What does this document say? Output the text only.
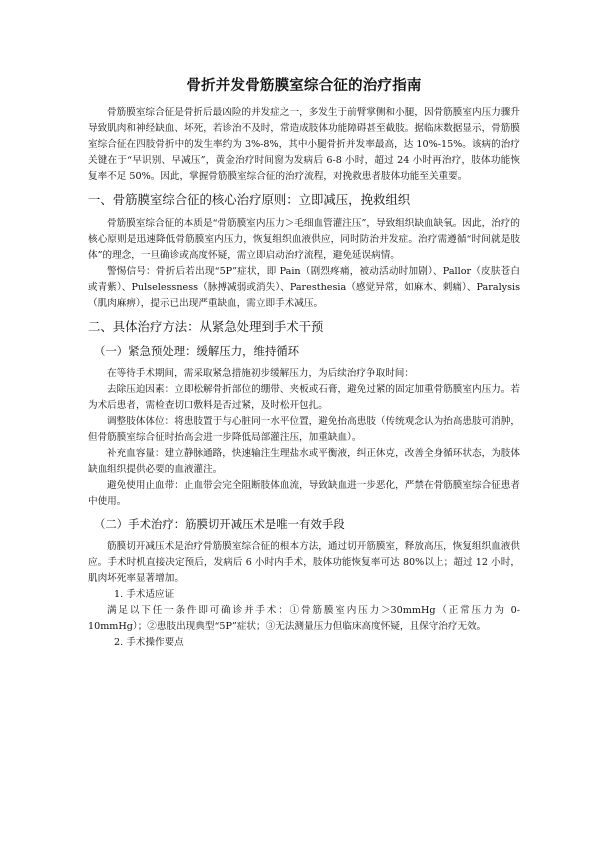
骨折并发骨筋膜室综合征的治疗指南

骨筋膜室综合征是骨折后最凶险的并发症之一，多发生于前臂掌侧和小腿，因骨筋膜室内压力骤升导致肌肉和神经缺血、坏死，若诊治不及时，常造成肢体功能障碍甚至截肢。据临床数据显示，骨筋膜室综合征在四肢骨折中的发生率约为 3%-8%，其中小腿骨折并发率最高，达 10%-15%。该病的治疗关键在于“早识别、早减压”，黄金治疗时间窗为发病后 6-8 小时，超过 24 小时再治疗，肢体功能恢复率不足 50%。因此，掌握骨筋膜室综合征的治疗流程，对挽救患者肢体功能至关重要。

一、骨筋膜室综合征的核心治疗原则：立即减压，挽救组织

骨筋膜室综合征的本质是“骨筋膜室内压力＞毛细血管灌注压”，导致组织缺血缺氧。因此，治疗的核心原则是迅速降低骨筋膜室内压力，恢复组织血液供应，同时防治并发症。治疗需遵循“时间就是肢体”的理念，一旦确诊或高度怀疑，需立即启动治疗流程，避免延误病情。

警惕信号：骨折后若出现“5P”症状，即 Pain（剧烈疼痛，被动活动时加剧）、Pallor（皮肤苍白或青紫）、Pulselessness（脉搏减弱或消失）、Paresthesia（感觉异常，如麻木、刺痛）、Paralysis（肌肉麻痹），提示已出现严重缺血，需立即手术减压。

二、具体治疗方法：从紧急处理到手术干预
（一）紧急预处理：缓解压力，维持循环

在等待手术期间，需采取紧急措施初步缓解压力，为后续治疗争取时间：

去除压迫因素：立即松解骨折部位的绷带、夹板或石膏，避免过紧的固定加重骨筋膜室内压力。若为术后患者，需检查切口敷料是否过紧，及时松开包扎。

调整肢体体位：将患肢置于与心脏同一水平位置，避免抬高患肢（传统观念认为抬高患肢可消肿，但骨筋膜室综合征时抬高会进一步降低局部灌注压，加重缺血）。

补充血容量：建立静脉通路，快速输注生理盐水或平衡液，纠正休克，改善全身循环状态，为肢体缺血组织提供必要的血液灌注。

避免使用止血带：止血带会完全阻断肢体血流，导致缺血进一步恶化，严禁在骨筋膜室综合征患者中使用。

（二）手术治疗：筋膜切开减压术是唯一有效手段

筋膜切开减压术是治疗骨筋膜室综合征的根本方法，通过切开筋膜室，释放高压，恢复组织血液供应。手术时机直接决定预后，发病后 6 小时内手术，肢体功能恢复率可达 80%以上；超过 12 小时，肌肉坏死率显著增加。

1. 手术适应证

满足以下任一条件即可确诊并手术：①骨筋膜室内压力＞30mmHg（正常压力为 0-10mmHg）；②患肢出现典型“5P”症状；③无法测量压力但临床高度怀疑，且保守治疗无效。

2. 手术操作要点
